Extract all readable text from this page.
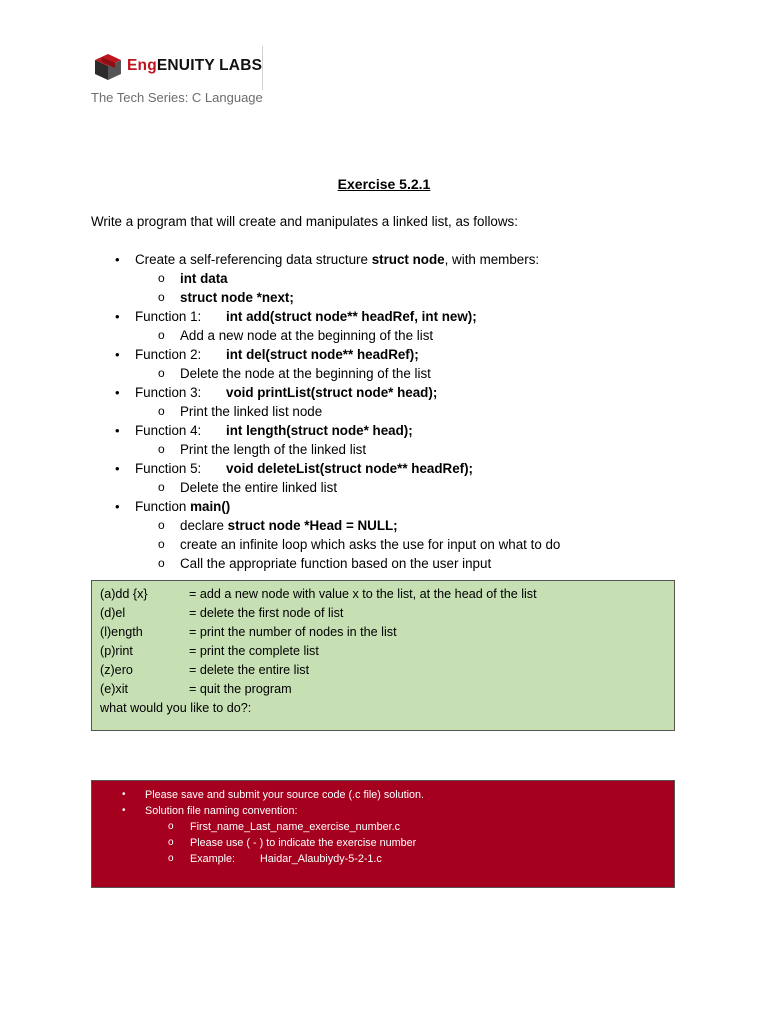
EngENUITY LABS
The Tech Series: C Language
Exercise 5.2.1
Write a program that will create and manipulates a linked list, as follows:
• Create a self-referencing data structure struct node, with members:
o int data
o struct node *next;
• Function 1: int add(struct node** headRef, int new);
o Add a new node at the beginning of the list
• Function 2: int del(struct node** headRef);
o Delete the node at the beginning of the list
• Function 3: void printList(struct node* head);
o Print the linked list node
• Function 4: int length(struct node* head);
o Print the length of the linked list
• Function 5: void deleteList(struct node** headRef);
o Delete the entire linked list
• Function main()
o declare struct node *Head = NULL;
o create an infinite loop which asks the use for input on what to do
o Call the appropriate function based on the user input
(a)dd {x}	= add a new node with value x to the list, at the head of the list
(d)el	= delete the first node of list
(l)ength	= print the number of nodes in the list
(p)rint	= print the complete list
(z)ero	= delete the entire list
(e)xit	= quit the program
what would you like to do?:
• Please save and submit your source code (.c file) solution.
• Solution file naming convention:
o First_name_Last_name_exercise_number.c
o Please use ( - ) to indicate the exercise number
o Example: Haidar_Alaubiydy-5-2-1.c
